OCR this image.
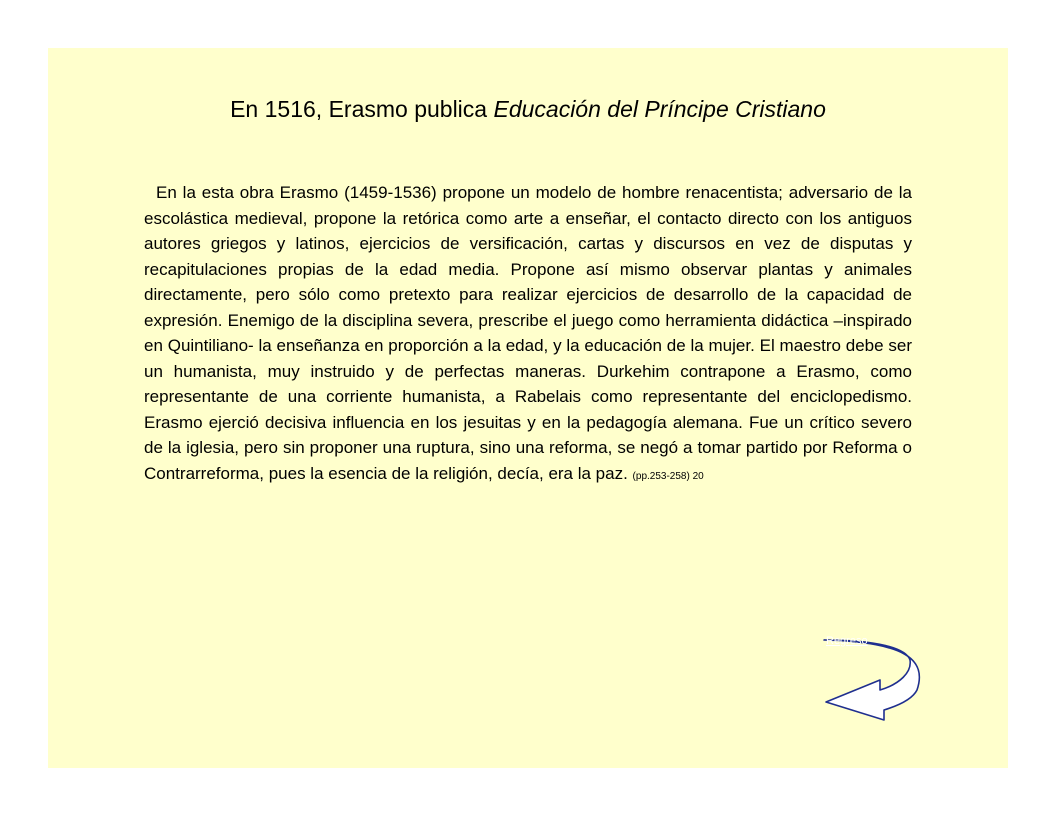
En 1516, Erasmo publica Educación del Príncipe Cristiano

En la esta obra Erasmo (1459-1536) propone un modelo de hombre renacentista; adversario de la escolástica medieval, propone la retórica como arte a enseñar, el contacto directo con los antiguos autores griegos y latinos, ejercicios de versificación, cartas y discursos en vez de disputas y recapitulaciones propias de la edad media. Propone así mismo observar plantas y animales directamente, pero sólo como pretexto para realizar ejercicios de desarrollo de la capacidad de expresión. Enemigo de la disciplina severa, prescribe el juego como herramienta didáctica –inspirado en Quintiliano- la enseñanza en proporción a la edad, y la educación de la mujer. El maestro debe ser un humanista, muy instruido y de perfectas maneras. Durkehim contrapone a Erasmo, como representante de una corriente humanista, a Rabelais como representante del enciclopedismo. Erasmo ejerció decisiva influencia en los jesuitas y en la pedagogía alemana. Fue un crítico severo de la iglesia, pero sin proponer una ruptura, sino una reforma, se negó a tomar partido por Reforma o Contrarreforma, pues la esencia de la religión, decía, era la paz. (pp.253-258) 20

Regreso
